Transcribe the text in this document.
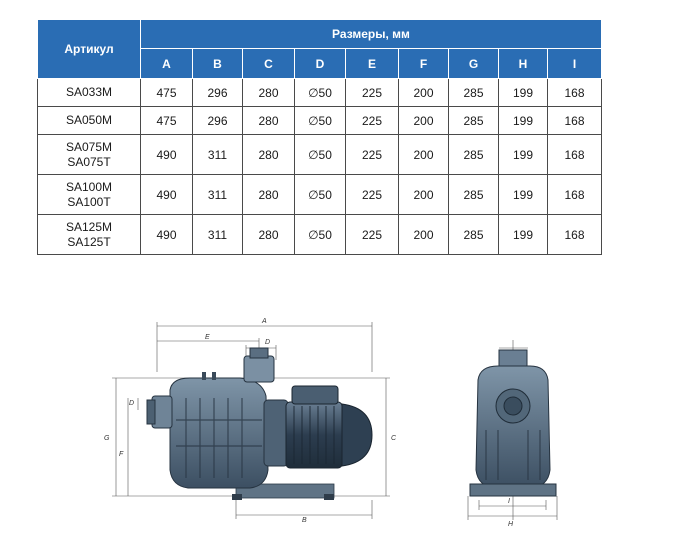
Артикул	Размеры, мм								
	A	B	C	D	E	F	G	H	I

SA033M	475	296	280	∅50	225	200	285	199	168

SA050M	475	296	280	∅50	225	200	285	199	168

SA075M
SA075T	490	311	280	∅50	225	200	285	199	168

SA100M
SA100T	490	311	280	∅50	225	200	285	199	168

SA125M
SA125T	490	311	280	∅50	225	200	285	199	168
A
E
D
D
G
F
C
B
I
H
